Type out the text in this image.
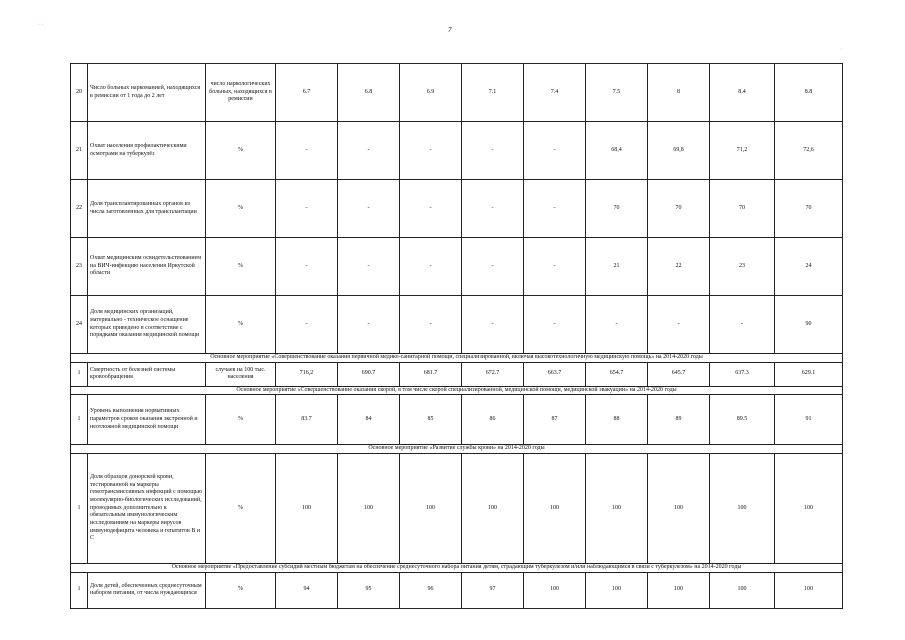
7
· ·
·
20	Число больных наркоманией, находящихся в ремиссии от 1 года до 2 лет	число наркологических больных, находящихся в ремиссии	6.7	6.8	6.9	7.1	7.4	7.5	8	8.4	8.8
21	Охват населения профилактическими осмотрами на туберкулёз	%	-	-	-	-	-	68,4	69,8	71,2	72,6
22	Доля трансплантированных органов из числа заготовленных для трансплантации	%	-	-	-	-	-	70	70	70	70
23	Охват медицинским освидетельствованием на ВИЧ-инфекцию населения Иркутской области	%	-	-	-	-	-	21	22	23	24
24	Доля медицинских организаций, материально - техническое оснащение которых приведено в соответствие с порядками оказания медицинской помощи	%	-	-	-	-	-	-	-	-	90
Основное мероприятие «Совершенствование оказания первичной медико-санитарной помощи, специализированной, включая высокотехнологичную медицинскую помощь» на 2014-2020 годы											
1	Смертность от болезней системы кровообращения	случаев на 100 тыс. населения	716,2	690.7	681.7	672.7	663.7	654.7	645.7	637.3	629.1
Основное мероприятие «Совершенствование оказания скорой, в том числе скорой специализированной, медицинской помощи, медицинской эвакуации» на 2014-2020 годы											
1	Уровень выполнения нормативных параметров сроков оказания экстренной и неотложной медицинской помощи	%	83.7	84	85	86	87	88	89	89.5	91
Основное мероприятие «Развитие службы крови» на 2014-2020 годы											
1	Доля образцов донорской крови, тестированной на маркеры гемотрансмиссивных инфекций с помощью молекулярно-биологических исследований, проводимых дополнительно к обязательным иммунологическим исследованиям на маркеры вирусов иммунодефицита человека и гепатитов В и С	%	100	100	100	100	100	100	100	100	100
Основное мероприятие «Предоставление субсидий местным бюджетам на обеспечение среднесуточного набора питания детям, страдающим туберкулезом и/или наблюдающимся в связи с туберкулезом» на 2014-2020 годы											
1	Доля детей, обеспеченных среднесуточным набором питания, от числа нуждающихся	%	94	95	96	97	100	100	100	100	100
